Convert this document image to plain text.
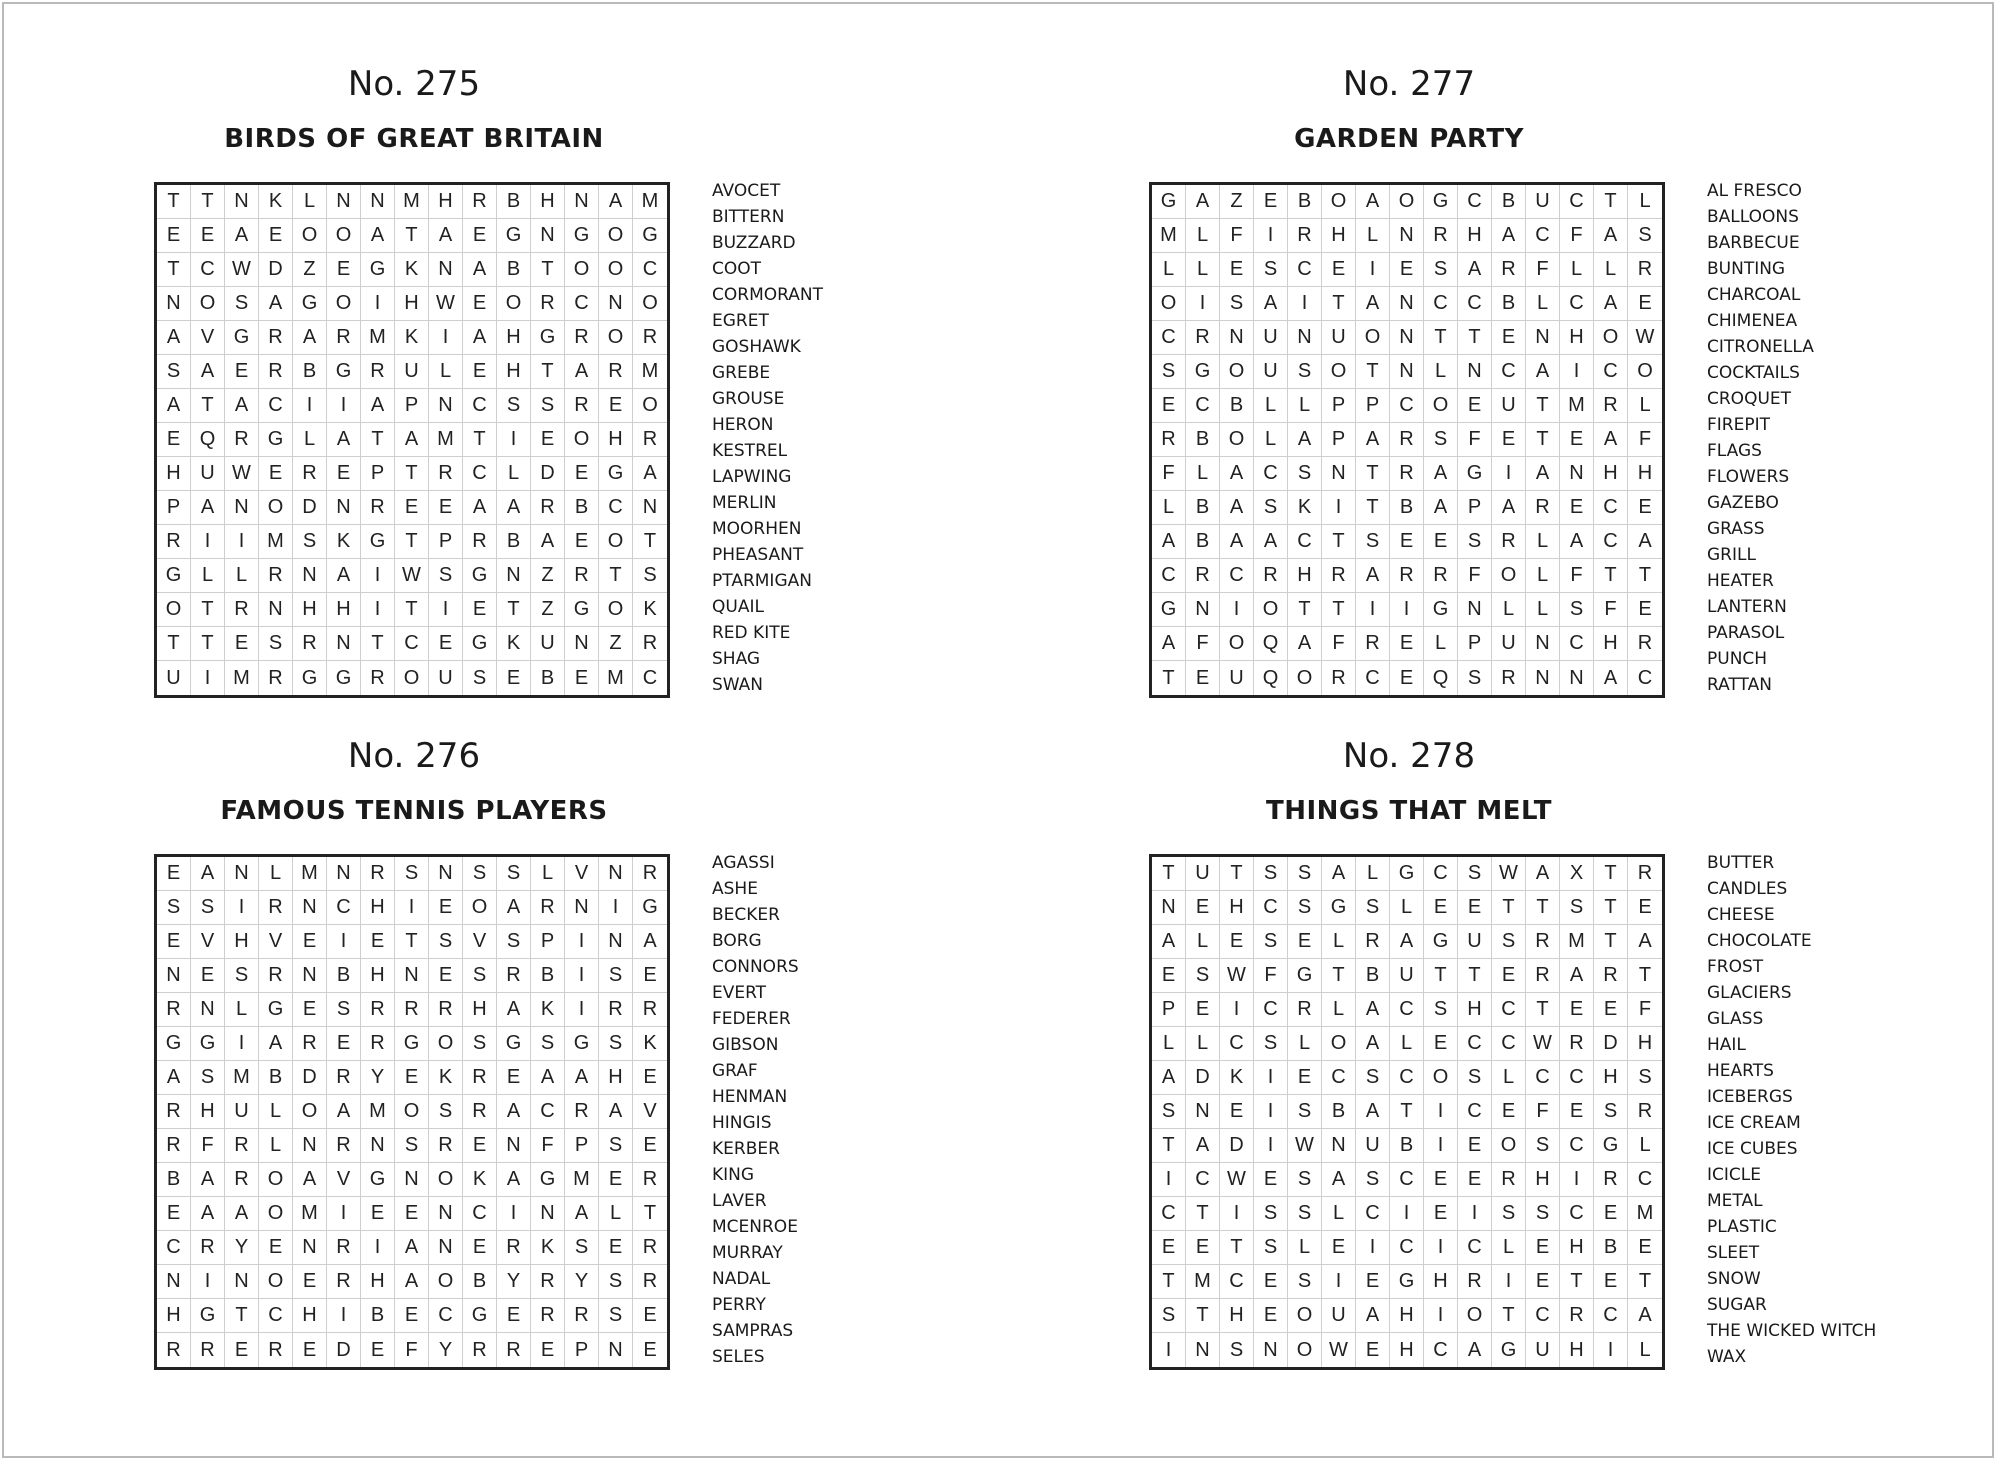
No. 275
BIRDS OF GREAT BRITAIN
T	T	N	K	L	N N M H R	B	H N	A M
E	E	A	E O O A	T	A	E G N G O G
T	C W D	Z	E G K	N	A	B	T	O O C
N O S	A G O	I	H W E O R C N O
A	V G R	A	R M K	I	A	H G R O R
S	A	E	R	B G R U	L	E	H	T	A	R M
A	T	A	C	I	I	A	P	N C	S	S	R	E	O
E Q R G	L	A	T	A M T	I	E O H	R
H U W E	R	E	P	T	R C	L	D	E G	A
P	A	N O D N R	E	E	A	A	R	B	C	N
R	I	I	M S	K G	T	P	R	B	A	E O	T
G	L	L	R N	A	I	W S G N	Z	R	T	S
O	T	R N H H	I	T	I	E	T	Z	G O	K
T	T	E	S	R N	T	C	E G K	U N	Z	R
U	I	M R G G R O U	S	E	B	E M C
AVOCET
BITTERN
BUZZARD
COOT
CORMORANT
EGRET
GOSHAWK
GREBE
GROUSE
HERON
KESTREL
LAPWING
MERLIN
MOORHEN
PHEASANT
PTARMIGAN
QUAIL
RED KITE
SHAG
SWAN
No. 277
GARDEN PARTY
G A	Z	E	B O A O G C	B	U C	T	L
M	L	F	I	R H	L	N R H	A	C	F	A	S
L	L	E	S	C	E	I	E	S	A	R	F	L	L	R
O	I	S	A	I	T	A	N C C	B	L	C	A	E
C R N U N U O N	T	T	E	N H O W
S G O U	S O	T	N	L	N C	A	I	C O
E	C	B	L	L	P	P	C O E	U	T M R	L
R	B O	L	A	P	A	R	S	F	E	T	E	A	F
F	L	A	C	S	N	T	R	A G	I	A	N H	H
L	B	A	S	K	I	T	B	A	P	A	R	E	C	E
A	B	A	A	C	T	S	E	E	S	R	L	A	C	A
C R C R H R	A	R R	F	O	L	F	T	T
G N	I	O	T	T	I	I	G N	L	L	S	F	E
A	F	O Q A	F	R	E	L	P	U N C H	R
T	E	U Q O R C	E Q S	R N N	A	C
AL FRESCO
BALLOONS
BARBECUE
BUNTING
CHARCOAL
CHIMENEA
CITRONELLA
COCKTAILS
CROQUET
FIREPIT
FLAGS
FLOWERS
GAZEBO
GRASS
GRILL
HEATER
LANTERN
PARASOL
PUNCH
RATTAN
No. 276
FAMOUS TENNIS PLAYERS
E	A	N	L	M N R	S	N	S	S	L	V	N	R
S	S	I	R N C H	I	E O A	R N	I	G
E	V	H	V	E	I	E	T	S	V	S	P	I	N	A
N	E	S	R N	B	H N	E	S	R	B	I	S	E
R N	L	G E	S	R R R H	A	K	I	R	R
G G	I	A	R	E	R G O S G S G S	K
A	S M B	D R	Y	E	K	R	E	A	A	H	E
R H U	L	O A M O S	R	A	C R	A	V
R	F	R	L	N R N	S	R	E	N	F	P	S	E
B	A	R O A	V G N O K	A G M E	R
E	A	A O M	I	E	E	N C	I	N	A	L	T
C R	Y	E	N R	I	A	N	E	R	K	S	E	R
N	I	N O E	R H	A O B	Y	R	Y	S	R
H G	T	C H	I	B	E	C G E	R R	S	E
R R	E	R	E	D	E	F	Y	R R	E	P	N	E
AGASSI
ASHE
BECKER
BORG
CONNORS
EVERT
FEDERER
GIBSON
GRAF
HENMAN
HINGIS
KERBER
KING
LAVER
MCENROE
MURRAY
NADAL
PERRY
SAMPRAS
SELES
No. 278
THINGS THAT MELT
T	U	T	S	S	A	L	G C	S W A	X	T	R
N	E	H C	S G S	L	E	E	T	T	S	T	E
A	L	E	S	E	L	R	A G U	S	R M T	A
E	S W F	G	T	B	U	T	T	E	R	A	R	T
P	E	I	C R	L	A	C	S	H C	T	E	E	F
L	L	C	S	L	O A	L	E	C C W R D	H
A	D	K	I	E	C	S	C O S	L	C C H	S
S	N	E	I	S	B	A	T	I	C	E	F	E	S	R
T	A	D	I	W N U	B	I	E O S	C G	L
I	C W E	S	A	S	C	E	E	R H	I	R	C
C	T	I	S	S	L	C	I	E	I	S	S	C	E M
E	E	T	S	L	E	I	C	I	C	L	E	H	B	E
T M C	E	S	I	E G H R	I	E	T	E	T
S	T	H	E O U	A	H	I	O	T	C R C	A
I	N	S	N O W E	H C	A G U H	I	L
BUTTER
CANDLES
CHEESE
CHOCOLATE
FROST
GLACIERS
GLASS
HAIL
HEARTS
ICEBERGS
ICE CREAM
ICE CUBES
ICICLE
METAL
PLASTIC
SLEET
SNOW
SUGAR
THE WICKED WITCH
WAX
